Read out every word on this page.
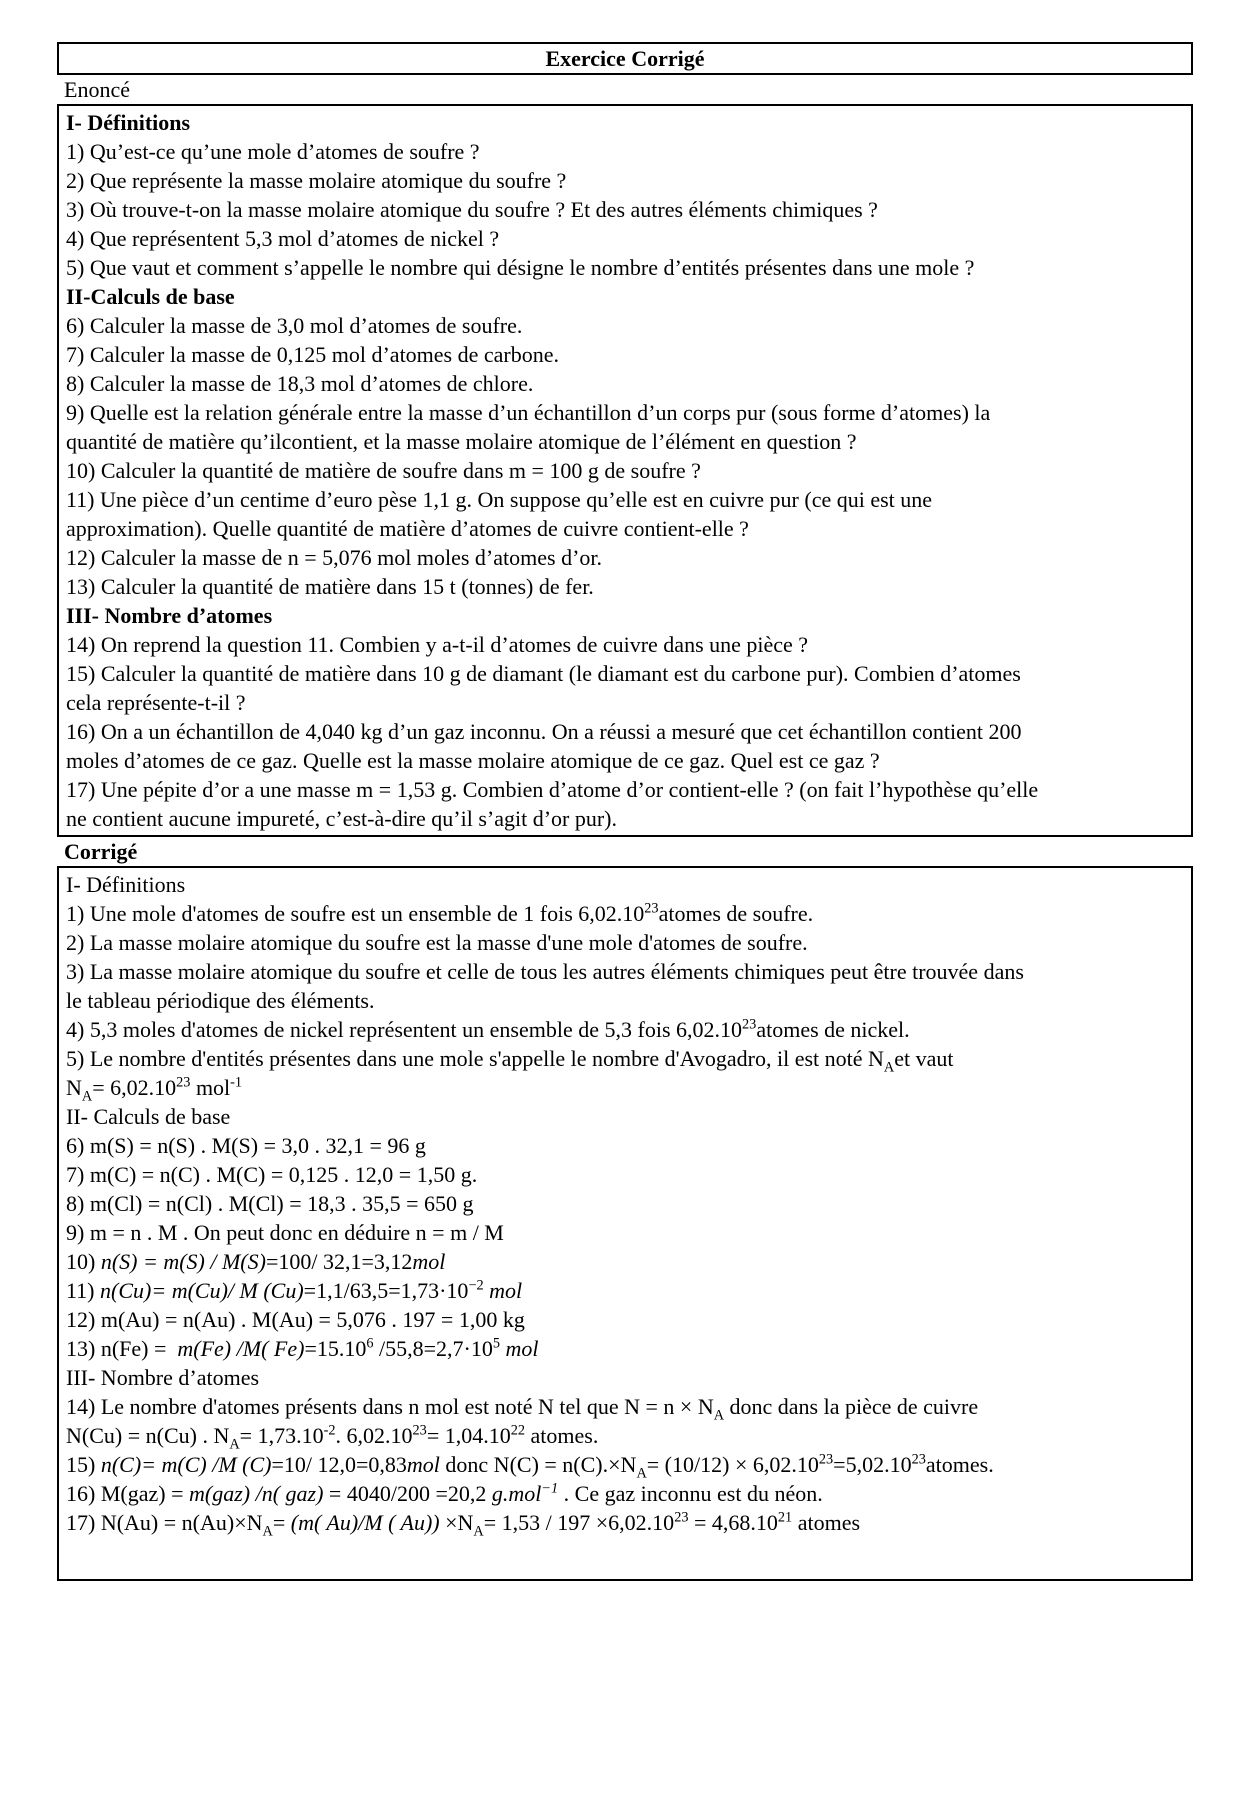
Exercice Corrigé
Enoncé
I- Définitions
1) Qu’est-ce qu’une mole d’atomes de soufre ?
2) Que représente la masse molaire atomique du soufre ?
3) Où trouve-t-on la masse molaire atomique du soufre ? Et des autres éléments chimiques ?
4) Que représentent 5,3 mol d’atomes de nickel ?
5) Que vaut et comment s’appelle le nombre qui désigne le nombre d’entités présentes dans une mole ?
II-Calculs de base
6) Calculer la masse de 3,0 mol d’atomes de soufre.
7) Calculer la masse de 0,125 mol d’atomes de carbone.
8) Calculer la masse de 18,3 mol d’atomes de chlore.
9) Quelle est la relation générale entre la masse d’un échantillon d’un corps pur (sous forme d’atomes) la
quantité de matière qu’ilcontient, et la masse molaire atomique de l’élément en question ?
10) Calculer la quantité de matière de soufre dans m = 100 g de soufre ?
11) Une pièce d’un centime d’euro pèse 1,1 g. On suppose qu’elle est en cuivre pur (ce qui est une
approximation). Quelle quantité de matière d’atomes de cuivre contient-elle ?
12) Calculer la masse de n = 5,076 mol moles d’atomes d’or.
13) Calculer la quantité de matière dans 15 t (tonnes) de fer.
III- Nombre d’atomes
14) On reprend la question 11. Combien y a-t-il d’atomes de cuivre dans une pièce ?
15) Calculer la quantité de matière dans 10 g de diamant (le diamant est du carbone pur). Combien d’atomes
cela représente-t-il ?
16) On a un échantillon de 4,040 kg d’un gaz inconnu. On a réussi a mesuré que cet échantillon contient 200
moles d’atomes de ce gaz. Quelle est la masse molaire atomique de ce gaz. Quel est ce gaz ?
17) Une pépite d’or a une masse m = 1,53 g. Combien d’atome d’or contient-elle ? (on fait l’hypothèse qu’elle
ne contient aucune impureté, c’est-à-dire qu’il s’agit d’or pur).
Corrigé
I- Définitions
1) Une mole d'atomes de soufre est un ensemble de 1 fois 6,02.10$^{23}$atomes de soufre.
2) La masse molaire atomique du soufre est la masse d'une mole d'atomes de soufre.
3) La masse molaire atomique du soufre et celle de tous les autres éléments chimiques peut être trouvée dans
le tableau périodique des éléments.
4) 5,3 moles d'atomes de nickel représentent un ensemble de 5,3 fois 6,02.10$^{23}$atomes de nickel.
5) Le nombre d'entités présentes dans une mole s'appelle le nombre d'Avogadro, il est noté $N_Aet$ vaut
$N_A= 6,02.10^{23}$ mol$^{-1}$
II- Calculs de base
6) m(S) = n(S) . M(S) = 3,0 . 32,1 = 96 g
7) m(C) = n(C) . M(C) = 0,125 . 12,0 = 1,50 g.
8) m(Cl) = n(Cl) . M(Cl) = 18,3 . 35,5 = 650 g
9) m = n . M . On peut donc en déduire n = m / M
10) n(S) = m(S) / M(S)=100/ 32,1=3,12mol
11) n(Cu)= m(Cu)/ M $(Cu)=1,1/63,5=1,73\cdot 10^{-2}$ mol
12) m(Au) = n(Au) . M(Au) = 5,076 . 197 = 1,00 kg
13) n(Fe) =  m(Fe) /M( $Fe)=15.10^6$ $/55,8=2,7\cdot 10^5$ mol
III- Nombre d’atomes
14) Le nombre d'atomes présents dans n mol est noté N tel que $N = n \times N_A$ donc dans la pièce de cuivre
N(Cu) = n(Cu) . $N_A= 1,73.10^{-2}$. $6,02.10^{23}= 1,04.10^{22}$ atomes.
15) n(C)= m(C) /M (C)=10/ 12,0=0,83mol donc $N(C) = n(C).\times N_A= (10/12)$ × $6,02.10^{23}=5,02.10^{23}atomes$.
16) M(gaz) = m(gaz) /n( gaz) = 4040/200 =20,2 g.mol$^{-1}$ . Ce gaz inconnu est du néon.
17) $N(Au) = n(Au)\times N_A= (m$( Au)/M ( $Au)) \times N_A= 1,53 / 197 \times 6,02.10^{23} = 4,68.10^{21}$ atomes
